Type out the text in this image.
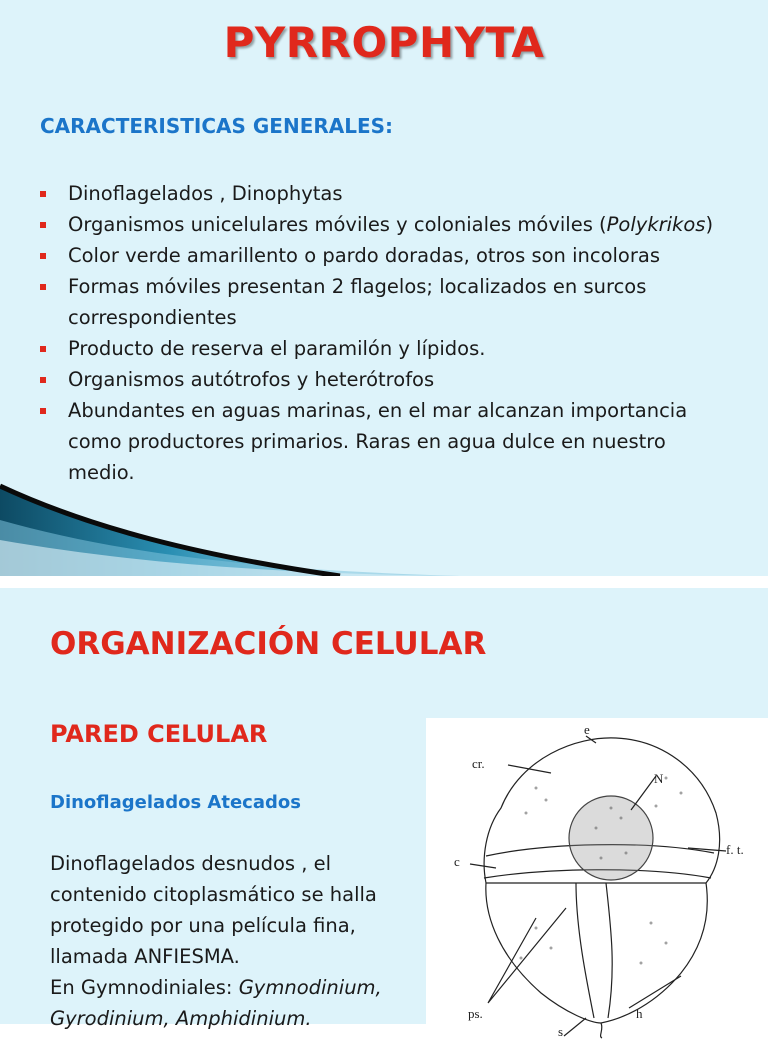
PYRROPHYTA
CARACTERISTICAS GENERALES:
Dinoflagelados , Dinophytas
Organismos unicelulares móviles y coloniales móviles (Polykrikos)
Color verde amarillento o pardo doradas, otros son incoloras
Formas móviles presentan 2 flagelos; localizados en surcos correspondientes
Producto de reserva el paramilón y lípidos.
Organismos autótrofos y heterótrofos
Abundantes en aguas marinas, en el mar alcanzan importancia como productores primarios. Raras en agua dulce en nuestro medio.
ORGANIZACIÓN CELULAR
PARED CELULAR
Dinoflagelados Atecados
Dinoflagelados desnudos , el contenido citoplasmático se halla protegido por una película fina, llamada ANFIESMA.
En Gymnodiniales: Gymnodinium, Gyrodinium, Amphidinium.
e
cr.
N
c
f. t.
ps.	h
s
